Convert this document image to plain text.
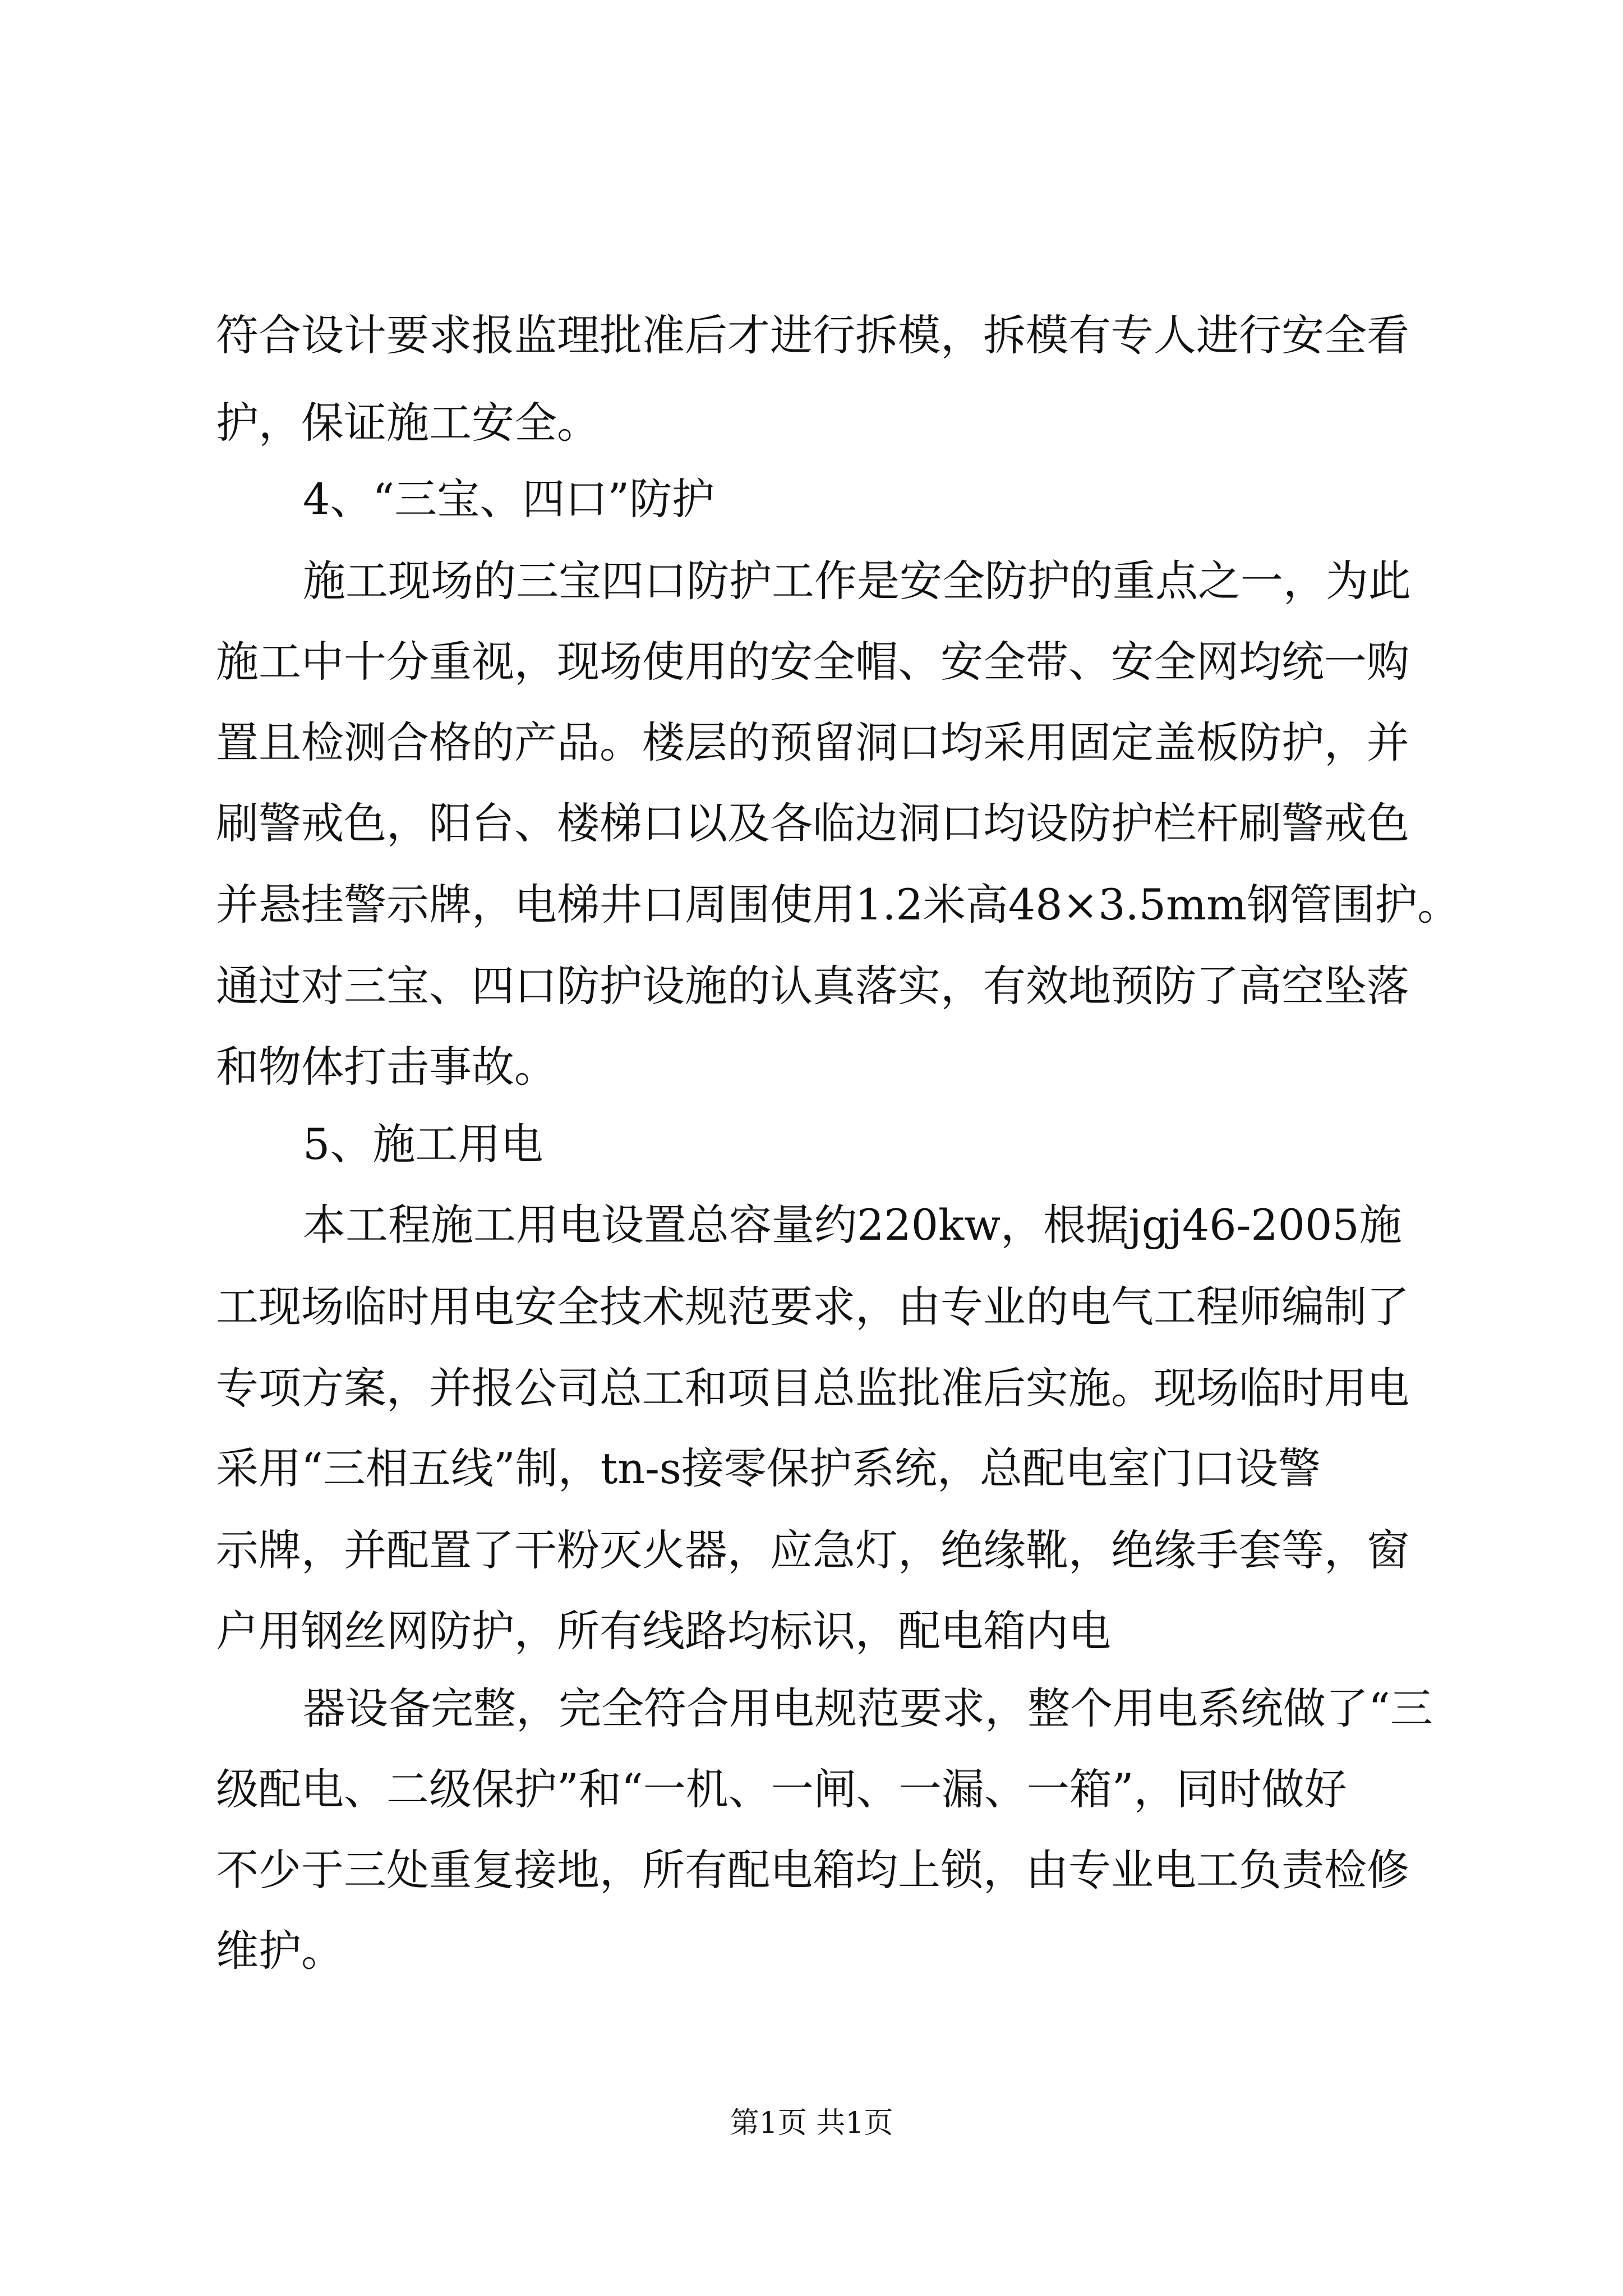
符合设计要求报监理批准后才进行拆模，拆模有专人进行安全看
护，保证施工安全。
4、“三宝、四口”防护
施工现场的三宝四口防护工作是安全防护的重点之一，为此
施工中十分重视，现场使用的安全帽、安全带、安全网均统一购
置且检测合格的产品。楼层的预留洞口均采用固定盖板防护，并
刷警戒色，阳台、楼梯口以及各临边洞口均设防护栏杆刷警戒色
并悬挂警示牌，电梯井口周围使用1.2米高48×3.5mm钢管围护。
通过对三宝、四口防护设施的认真落实，有效地预防了高空坠落
和物体打击事故。
5、施工用电
本工程施工用电设置总容量约220kw，根据jgj46-2005施
工现场临时用电安全技术规范要求，由专业的电气工程师编制了
专项方案，并报公司总工和项目总监批准后实施。现场临时用电
采用“三相五线”制，tn-s接零保护系统，总配电室门口设警
示牌，并配置了干粉灭火器，应急灯，绝缘靴，绝缘手套等，窗
户用钢丝网防护，所有线路均标识，配电箱内电
器设备完整，完全符合用电规范要求，整个用电系统做了“三
级配电、二级保护”和“一机、一闸、一漏、一箱”，同时做好
不少于三处重复接地，所有配电箱均上锁，由专业电工负责检修
维护。
第1页 共1页
